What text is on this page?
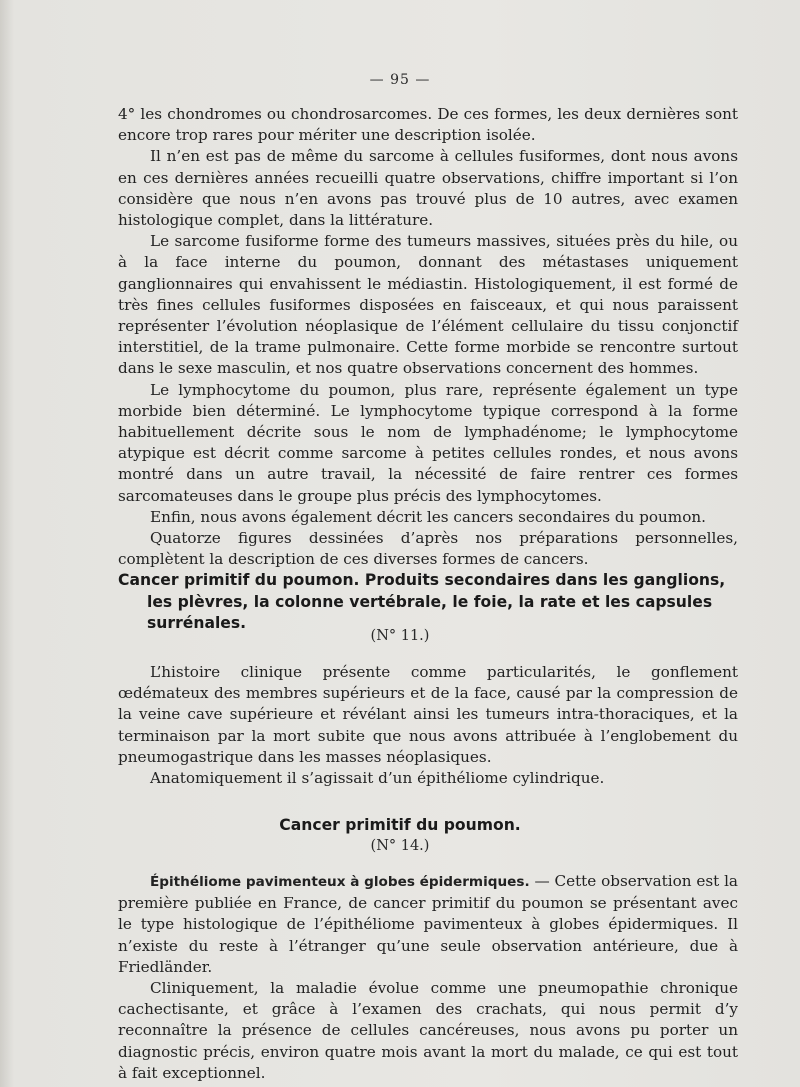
— 95 —

4° les chondromes ou chondrosarcomes. De ces formes, les deux dernières sont encore trop rares pour mériter une description isolée.

Il n’en est pas de même du sarcome à cellules fusiformes, dont nous avons en ces dernières années recueilli quatre observations, chiffre important si l’on considère que nous n’en avons pas trouvé plus de 10 autres, avec examen histologique complet, dans la littérature.

Le sarcome fusiforme forme des tumeurs massives, situées près du hile, ou à la face interne du poumon, donnant des métastases uniquement ganglionnaires qui envahissent le médiastin. Histologiquement, il est formé de très fines cellules fusiformes disposées en faisceaux, et qui nous paraissent représenter l’évolution néoplasique de l’élément cellulaire du tissu conjonctif interstitiel, de la trame pulmonaire. Cette forme morbide se rencontre surtout dans le sexe masculin, et nos quatre observations concernent des hommes.

Le lymphocytome du poumon, plus rare, représente également un type morbide bien déterminé. Le lymphocytome typique correspond à la forme habituellement décrite sous le nom de lymphadénome; le lymphocytome atypique est décrit comme sarcome à petites cellules rondes, et nous avons montré dans un autre travail, la nécessité de faire rentrer ces formes sarcomateuses dans le groupe plus précis des lymphocytomes.

Enfin, nous avons également décrit les cancers secondaires du poumon.

Quatorze figures dessinées d’après nos préparations personnelles, complètent la description de ces diverses formes de cancers.

Cancer primitif du poumon. Produits secondaires dans les ganglions,
les plèvres, la colonne vertébrale, le foie, la rate et les capsules
surrénales.
(N° 11.)

L’histoire clinique présente comme particularités, le gonflement œdémateux des membres supérieurs et de la face, causé par la compression de la veine cave supérieure et révélant ainsi les tumeurs intra-thoraciques, et la terminaison par la mort subite que nous avons attribuée à l’englobement du pneumogastrique dans les masses néoplasiques.

Anatomiquement il s’agissait d’un épithéliome cylindrique.

Cancer primitif du poumon.
(N° 14.)

Épithéliome pavimenteux à globes épidermiques. — Cette observation est la première publiée en France, de cancer primitif du poumon se présentant avec le type histologique de l’épithéliome pavimenteux à globes épidermiques. Il n’existe du reste à l’étranger qu’une seule observation antérieure, due à Friedländer.

Cliniquement, la maladie évolue comme une pneumopathie chronique cachectisante, et grâce à l’examen des crachats, qui nous permit d’y reconnaître la présence de cellules cancéreuses, nous avons pu porter un diagnostic précis, environ quatre mois avant la mort du malade, ce qui est tout à fait exceptionnel.
